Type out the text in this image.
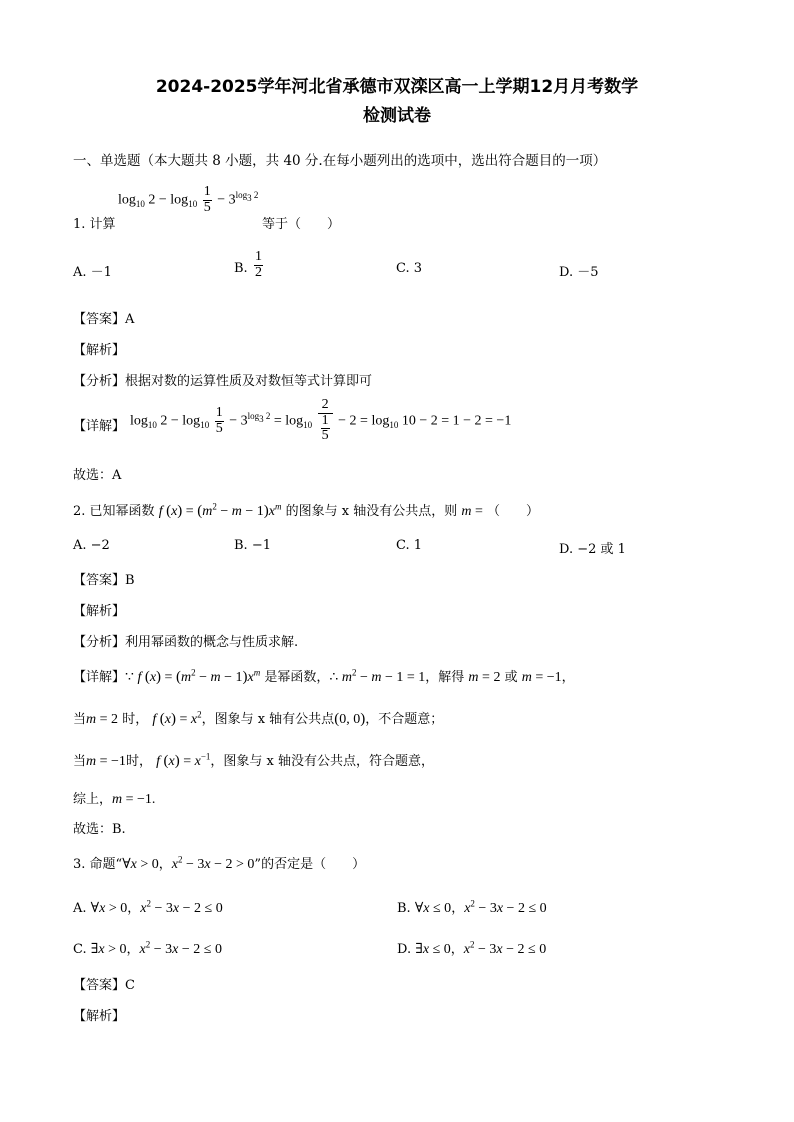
2024-2025学年河北省承德市双滦区高一上学期12月月考数学
检测试卷
一、单选题（本大题共 8 小题，共 40 分.在每小题列出的选项中，选出符合题目的一项）
$\log_{10} 2 - \log_{10} \frac{1}{5} - 3^{log_3 2}$
1. 计算	等于（　　）
A. －1	B. $\frac{1}{2}$	C. 3	D. －5
【答案】A
【解析】
【分析】根据对数的运算性质及对数恒等式计算即可
【详解】 $\log_{10} 2 - \log_{10} \frac{1}{5} - 3^{log_3 2} = \log_{10} \frac{2}{\frac{1}{5}} - 2 = \log_{10} 10 - 2 = 1 - 2 = -1$
故选：A
2. 已知幂函数 f $(x) = (m^2 - m - 1)x^m$ 的图象与 x 轴没有公共点，则 m = （　　）
A. −2	B. −1	C. 1	D. −2 或 1
【答案】B
【解析】
【分析】利用幂函数的概念与性质求解.
【详解】∵ f $(x) = (m^2 - m - 1)x^m$ 是幂函数，∴ $m^2 - m - 1 = 1$，解得 m = 2 或 m = −1，
当m = 2 时， f $(x) = x^2$，图象与 x 轴有公共点(0, 0)，不合题意；
当m = −1时， f $(x) = x^{-1}$，图象与 x 轴没有公共点，符合题意，
综上，m = −1.
故选：B.
3. 命题“∀x > 0，$x^2 - 3x - 2 > 0$”的否定是（　　）
A. ∀x > 0，$x^2 - 3x - 2 \le 0$	B. ∀x ≤ 0，$x^2 - 3x - 2 \le 0$
C. ∃x > 0，$x^2 - 3x - 2 \le 0$	D. ∃x ≤ 0，$x^2 - 3x - 2 \le 0$
【答案】C
【解析】
